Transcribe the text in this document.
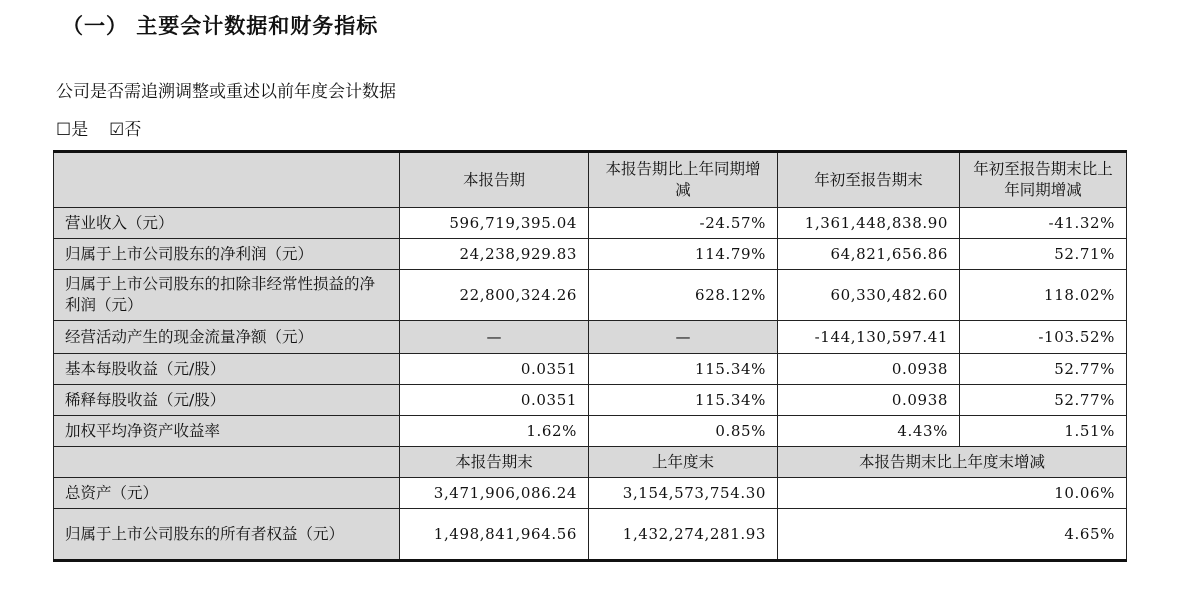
（一） 主要会计数据和财务指标
公司是否需追溯调整或重述以前年度会计数据
☐是 ☑否
	本报告期	本报告期比上年同期增减	年初至报告期末	年初至报告期末比上年同期增减
营业收入（元）	596,719,395.04	-24.57%	1,361,448,838.90	-41.32%
归属于上市公司股东的净利润（元）	24,238,929.83	114.79%	64,821,656.86	52.71%
归属于上市公司股东的扣除非经常性损益的净利润（元）	22,800,324.26	628.12%	60,330,482.60	118.02%
经营活动产生的现金流量净额（元）	—	—	-144,130,597.41	-103.52%
基本每股收益（元/股）	0.0351	115.34%	0.0938	52.77%
稀释每股收益（元/股）	0.0351	115.34%	0.0938	52.77%
加权平均净资产收益率	1.62%	0.85%	4.43%	1.51%
	本报告期末	上年度末	本报告期末比上年度末增减	
总资产（元）	3,471,906,086.24	3,154,573,754.30	10.06%	
归属于上市公司股东的所有者权益（元）	1,498,841,964.56	1,432,274,281.93	4.65%	
